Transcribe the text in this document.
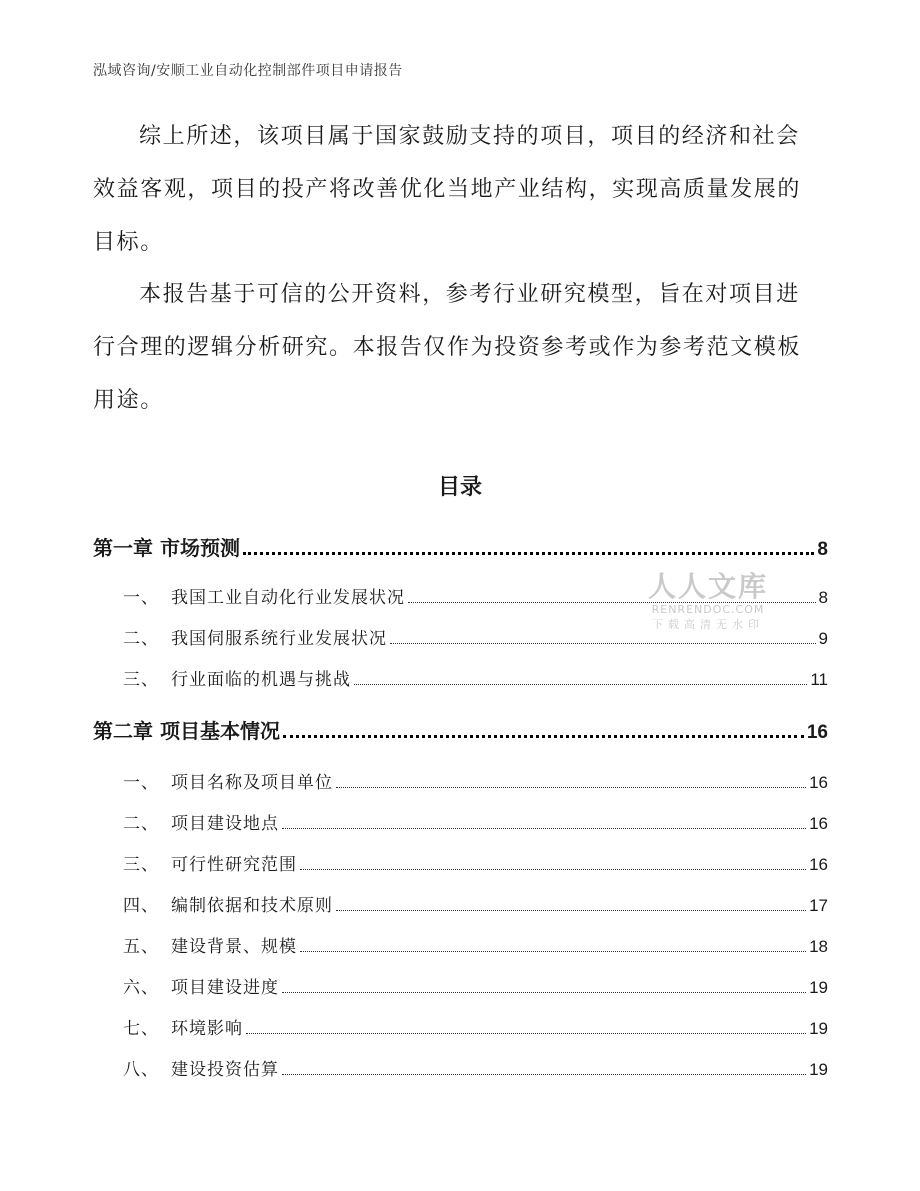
泓域咨询/安顺工业自动化控制部件项目申请报告

综上所述，该项目属于国家鼓励支持的项目，项目的经济和社会效益客观，项目的投产将改善优化当地产业结构，实现高质量发展的目标。

本报告基于可信的公开资料，参考行业研究模型，旨在对项目进行合理的逻辑分析研究。本报告仅作为投资参考或作为参考范文模板用途。

目录
第一章 市场预测	8
一、 我国工业自动化行业发展状况	8
二、 我国伺服系统行业发展状况	9
三、 行业面临的机遇与挑战	11
第二章 项目基本情况	16
一、 项目名称及项目单位	16
二、 项目建设地点	16
三、 可行性研究范围	16
四、 编制依据和技术原则	17
五、 建设背景、规模	18
六、 项目建设进度	19
七、 环境影响	19
八、 建设投资估算	19
人人文库
RENRENDOC.COM
下载高清无水印
